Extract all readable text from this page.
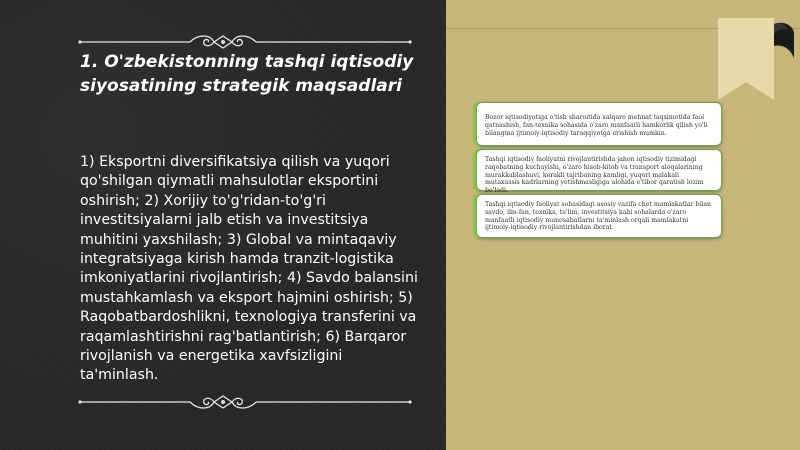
1. O'zbekistonning tashqi iqtisodiy siyosatining strategik maqsadlari

1) Eksportni diversifikatsiya qilish va yuqori qo'shilgan qiymatli mahsulotlar eksportini oshirish; 2) Xorijiy to'g'ridan-to'g'ri investitsiyalarni jalb etish va investitsiya muhitini yaxshilash; 3) Global va mintaqaviy integratsiyaga kirish hamda tranzit-logistika imkoniyatlarini rivojlantirish; 4) Savdo balansini mustahkamlash va eksport hajmini oshirish; 5) Raqobatbardoshlikni, texnologiya transferini va raqamlashtirishni rag'batlantirish; 6) Barqaror rivojlanish va energetika xavfsizligini ta'minlash.

Bozor iqtisodiyotiga o'tish sharoitida xalqaro mehnat taqsimotida faol qatnashish, fan-texnika sohasida o'zaro manfaatli hamkorlik qilish yo'li bilangina ijtimoiy-iqtisodiy taraqqiyotga erishish mumkin.
Tashqi iqtisodiy faoliyatni rivojlantirishda jahon iqtisodiy tizimidagi raqobatning kuchayishi, o'zaro hisob-kitob va transport aloqalarining murakkablashuvi, kerakli tajribaning kamligi, yuqori malakali mutaxassis kadrlarning yetishmasligiga alohida e'tibor qaratish lozim bo'ladi.
Tashqi iqtisodiy faoliyat sohasidagi asosiy vazifa chet mamlakatlar bilan savdo, ilm-fan, texnika, ta'lim, investitsiya kabi sohalarda o'zaro manfaatli iqtisodiy munosabatlarni ta'minlash orqali mamlakatni ijtimoiy-iqtisodiy rivojlantirishdan iborat.
